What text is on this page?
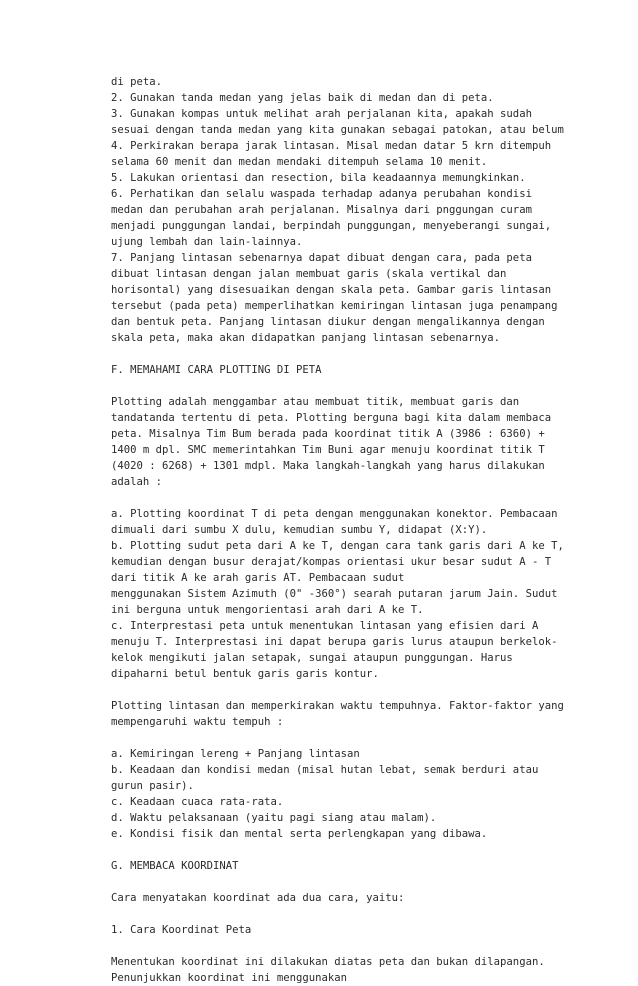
di peta.
2. Gunakan tanda medan yang jelas baik di medan dan di peta.
3. Gunakan kompas untuk melihat arah perjalanan kita, apakah sudah
sesuai dengan tanda medan yang kita gunakan sebagai patokan, atau belum
4. Perkirakan berapa jarak lintasan. Misal medan datar 5 krn ditempuh
selama 60 menit dan medan mendaki ditempuh selama 10 menit.
5. Lakukan orientasi dan resection, bila keadaannya memungkinkan.
6. Perhatikan dan selalu waspada terhadap adanya perubahan kondisi
medan dan perubahan arah perjalanan. Misalnya dari pnggungan curam
menjadi punggungan landai, berpindah punggungan, menyeberangi sungai,
ujung lembah dan lain-lainnya.
7. Panjang lintasan sebenarnya dapat dibuat dengan cara, pada peta
dibuat lintasan dengan jalan membuat garis (skala vertikal dan
horisontal) yang disesuaikan dengan skala peta. Gambar garis lintasan
tersebut (pada peta) memperlihatkan kemiringan lintasan juga penampang
dan bentuk peta. Panjang lintasan diukur dengan mengalikannya dengan
skala peta, maka akan didapatkan panjang lintasan sebenarnya.
F. MEMAHAMI CARA PLOTTING DI PETA
Plotting adalah menggambar atau membuat titik, membuat garis dan
tandatanda tertentu di peta. Plotting berguna bagi kita dalam membaca
peta. Misalnya Tim Bum berada pada koordinat titik A (3986 : 6360) +
1400 m dpl. SMC memerintahkan Tim Buni agar menuju koordinat titik T
(4020 : 6268) + 1301 mdpl. Maka langkah-langkah yang harus dilakukan
adalah :
a. Plotting koordinat T di peta dengan menggunakan konektor. Pembacaan
dimuali dari sumbu X dulu, kemudian sumbu Y, didapat (X:Y).
b. Plotting sudut peta dari A ke T, dengan cara tank garis dari A ke T,
kemudian dengan busur derajat/kompas orientasi ukur besar sudut A - T
dari titik A ke arah garis AT. Pembacaan sudut
menggunakan Sistem Azimuth (0" -360°) searah putaran jarum Jain. Sudut
ini berguna untuk mengorientasi arah dari A ke T.
c. Interprestasi peta untuk menentukan lintasan yang efisien dari A
menuju T. Interprestasi ini dapat berupa garis lurus ataupun berkelok-
kelok mengikuti jalan setapak, sungai ataupun punggungan. Harus
dipaharni betul bentuk garis garis kontur.
Plotting lintasan dan memperkirakan waktu tempuhnya. Faktor-faktor yang
mempengaruhi waktu tempuh :
a. Kemiringan lereng + Panjang lintasan
b. Keadaan dan kondisi medan (misal hutan lebat, semak berduri atau
gurun pasir).
c. Keadaan cuaca rata-rata.
d. Waktu pelaksanaan (yaitu pagi siang atau malam).
e. Kondisi fisik dan mental serta perlengkapan yang dibawa.
G. MEMBACA KOORDINAT
Cara menyatakan koordinat ada dua cara, yaitu:
1. Cara Koordinat Peta
Menentukan koordinat ini dilakukan diatas peta dan bukan dilapangan.
Penunjukkan koordinat ini menggunakan
